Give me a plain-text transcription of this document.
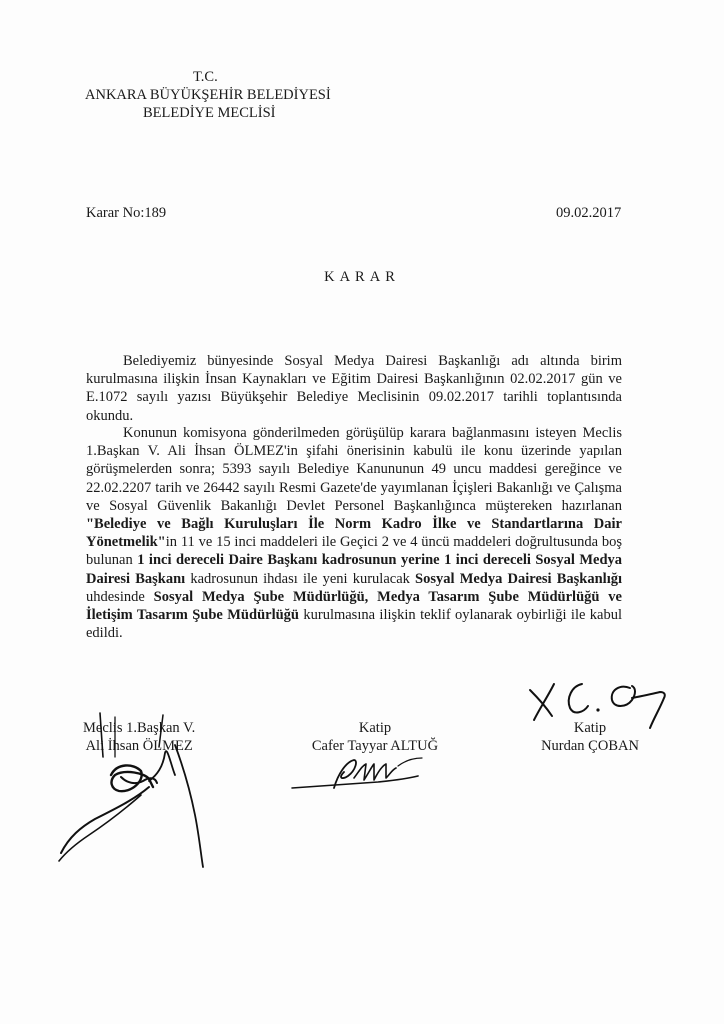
T.C.
ANKARA BÜYÜKŞEHİR BELEDİYESİ
BELEDİYE MECLİSİ
Karar No:189	09.02.2017
KARAR
Belediyemiz bünyesinde Sosyal Medya Dairesi Başkanlığı adı altında birim kurulmasına ilişkin İnsan Kaynakları ve Eğitim Dairesi Başkanlığının 02.02.2017 gün ve E.1072 sayılı yazısı Büyükşehir Belediye Meclisinin 09.02.2017 tarihli toplantısında okundu.
Konunun komisyona gönderilmeden görüşülüp karara bağlanmasını isteyen Meclis 1.Başkan V. Ali İhsan ÖLMEZ'in şifahi önerisinin kabulü ile konu üzerinde yapılan görüşmelerden sonra; 5393 sayılı Belediye Kanununun 49 uncu maddesi gereğince ve 22.02.2207 tarih ve 26442 sayılı Resmi Gazete'de yayımlanan İçişleri Bakanlığı ve Çalışma ve Sosyal Güvenlik Bakanlığı Devlet Personel Başkanlığınca müştereken hazırlanan "Belediye ve Bağlı Kuruluşları İle Norm Kadro İlke ve Standartlarına Dair Yönetmelik"in 11 ve 15 inci maddeleri ile Geçici 2 ve 4 üncü maddeleri doğrultusunda boş bulunan 1 inci dereceli Daire Başkanı kadrosunun yerine 1 inci dereceli Sosyal Medya Dairesi Başkanı kadrosunun ihdası ile yeni kurulacak Sosyal Medya Dairesi Başkanlığı uhdesinde Sosyal Medya Şube Müdürlüğü, Medya Tasarım Şube Müdürlüğü ve İletişim Tasarım Şube Müdürlüğü kurulmasına ilişkin teklif oylanarak oybirliği ile kabul edildi.
Meclis 1.Başkan V.
Ali İhsan ÖLMEZ
Katip
Cafer Tayyar ALTUĞ
Katip
Nurdan ÇOBAN
